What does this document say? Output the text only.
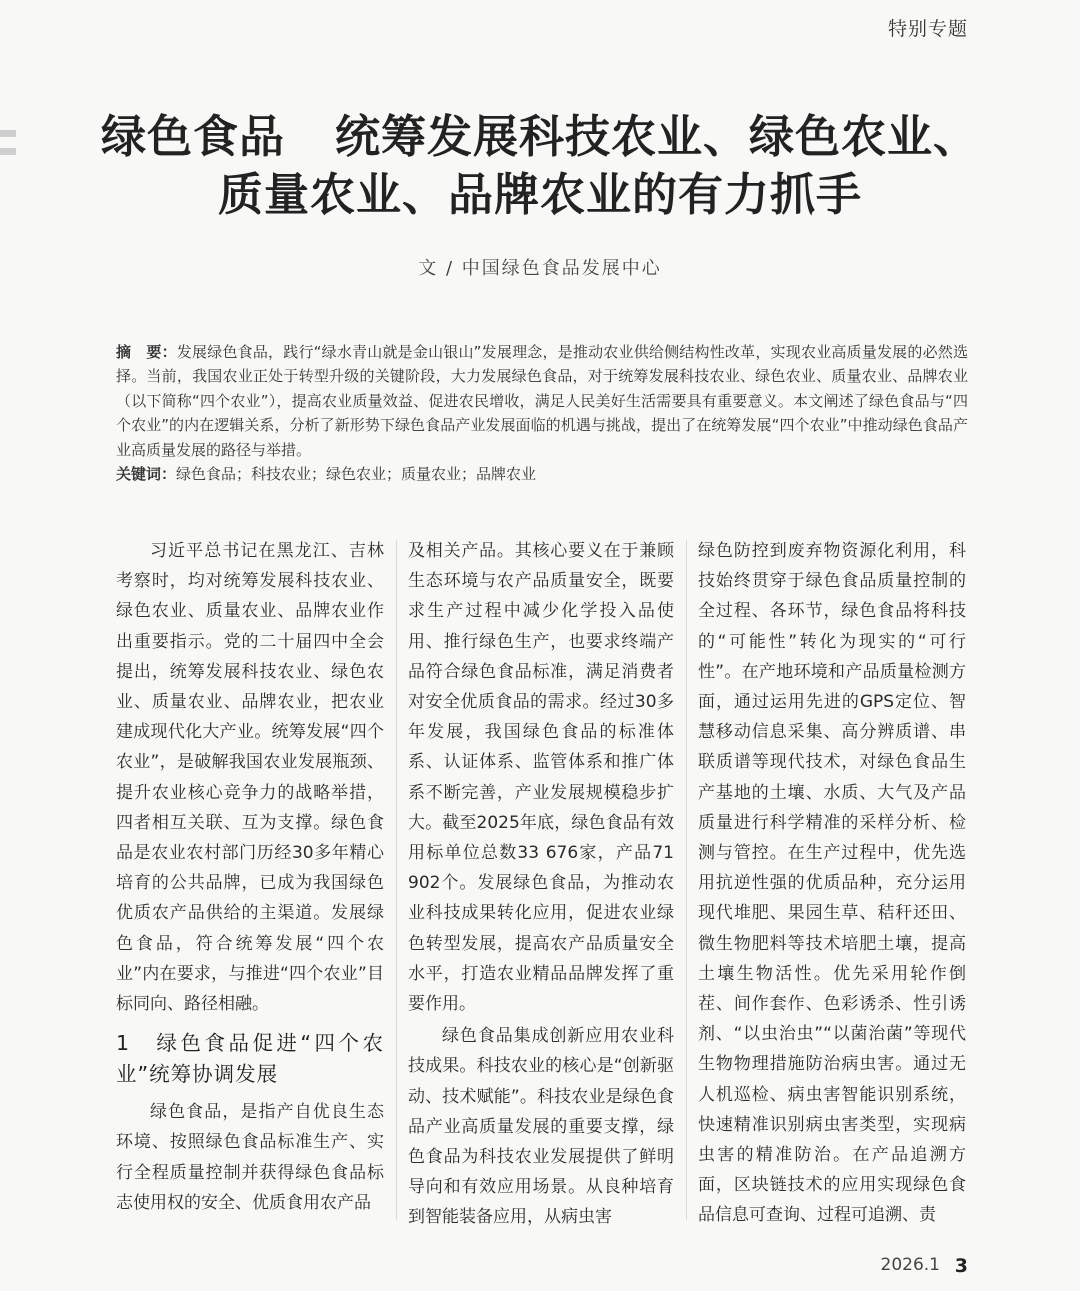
特别专题
绿色食品   统筹发展科技农业、绿色农业、
质量农业、品牌农业的有力抓手
文 / 中国绿色食品发展中心

摘　要：发展绿色食品，践行“绿水青山就是金山银山”发展理念，是推动农业供给侧结构性改革，实现农业高质量发展的必然选择。当前，我国农业正处于转型升级的关键阶段，大力发展绿色食品，对于统筹发展科技农业、绿色农业、质量农业、品牌农业（以下简称“四个农业”），提高农业质量效益、促进农民增收，满足人民美好生活需要具有重要意义。本文阐述了绿色食品与“四个农业”的内在逻辑关系，分析了新形势下绿色食品产业发展面临的机遇与挑战，提出了在统筹发展“四个农业”中推动绿色食品产业高质量发展的路径与举措。

关键词：绿色食品；科技农业；绿色农业；质量农业；品牌农业

习近平总书记在黑龙江、吉林考察时，均对统筹发展科技农业、绿色农业、质量农业、品牌农业作出重要指示。党的二十届四中全会提出，统筹发展科技农业、绿色农业、质量农业、品牌农业，把农业建成现代化大产业。统筹发展“四个农业”，是破解我国农业发展瓶颈、提升农业核心竞争力的战略举措，四者相互关联、互为支撑。绿色食品是农业农村部门历经30多年精心培育的公共品牌，已成为我国绿色优质农产品供给的主渠道。发展绿色食品，符合统筹发展“四个农业”内在要求，与推进“四个农业”目标同向、路径相融。

1　绿色食品促进“四个农业”统筹协调发展

绿色食品，是指产自优良生态环境、按照绿色食品标准生产、实行全程质量控制并获得绿色食品标志使用权的安全、优质食用农产品

及相关产品。其核心要义在于兼顾生态环境与农产品质量安全，既要求生产过程中减少化学投入品使用、推行绿色生产，也要求终端产品符合绿色食品标准，满足消费者对安全优质食品的需求。经过30多年发展，我国绿色食品的标准体系、认证体系、监管体系和推广体系不断完善，产业发展规模稳步扩大。截至2025年底，绿色食品有效用标单位总数33 676家，产品71 902个。发展绿色食品，为推动农业科技成果转化应用，促进农业绿色转型发展，提高农产品质量安全水平，打造农业精品品牌发挥了重要作用。

绿色食品集成创新应用农业科技成果。科技农业的核心是“创新驱动、技术赋能”。科技农业是绿色食品产业高质量发展的重要支撑，绿色食品为科技农业发展提供了鲜明导向和有效应用场景。从良种培育到智能装备应用，从病虫害

绿色防控到废弃物资源化利用，科技始终贯穿于绿色食品质量控制的全过程、各环节，绿色食品将科技的“可能性”转化为现实的“可行性”。在产地环境和产品质量检测方面，通过运用先进的GPS定位、智慧移动信息采集、高分辨质谱、串联质谱等现代技术，对绿色食品生产基地的土壤、水质、大气及产品质量进行科学精准的采样分析、检测与管控。在生产过程中，优先选用抗逆性强的优质品种，充分运用现代堆肥、果园生草、秸秆还田、微生物肥料等技术培肥土壤，提高土壤生物活性。优先采用轮作倒茬、间作套作、色彩诱杀、性引诱剂、“以虫治虫”“以菌治菌”等现代生物物理措施防治病虫害。通过无人机巡检、病虫害智能识别系统，快速精准识别病虫害类型，实现病虫害的精准防治。在产品追溯方面，区块链技术的应用实现绿色食品信息可查询、过程可追溯、责

2026.1 3
